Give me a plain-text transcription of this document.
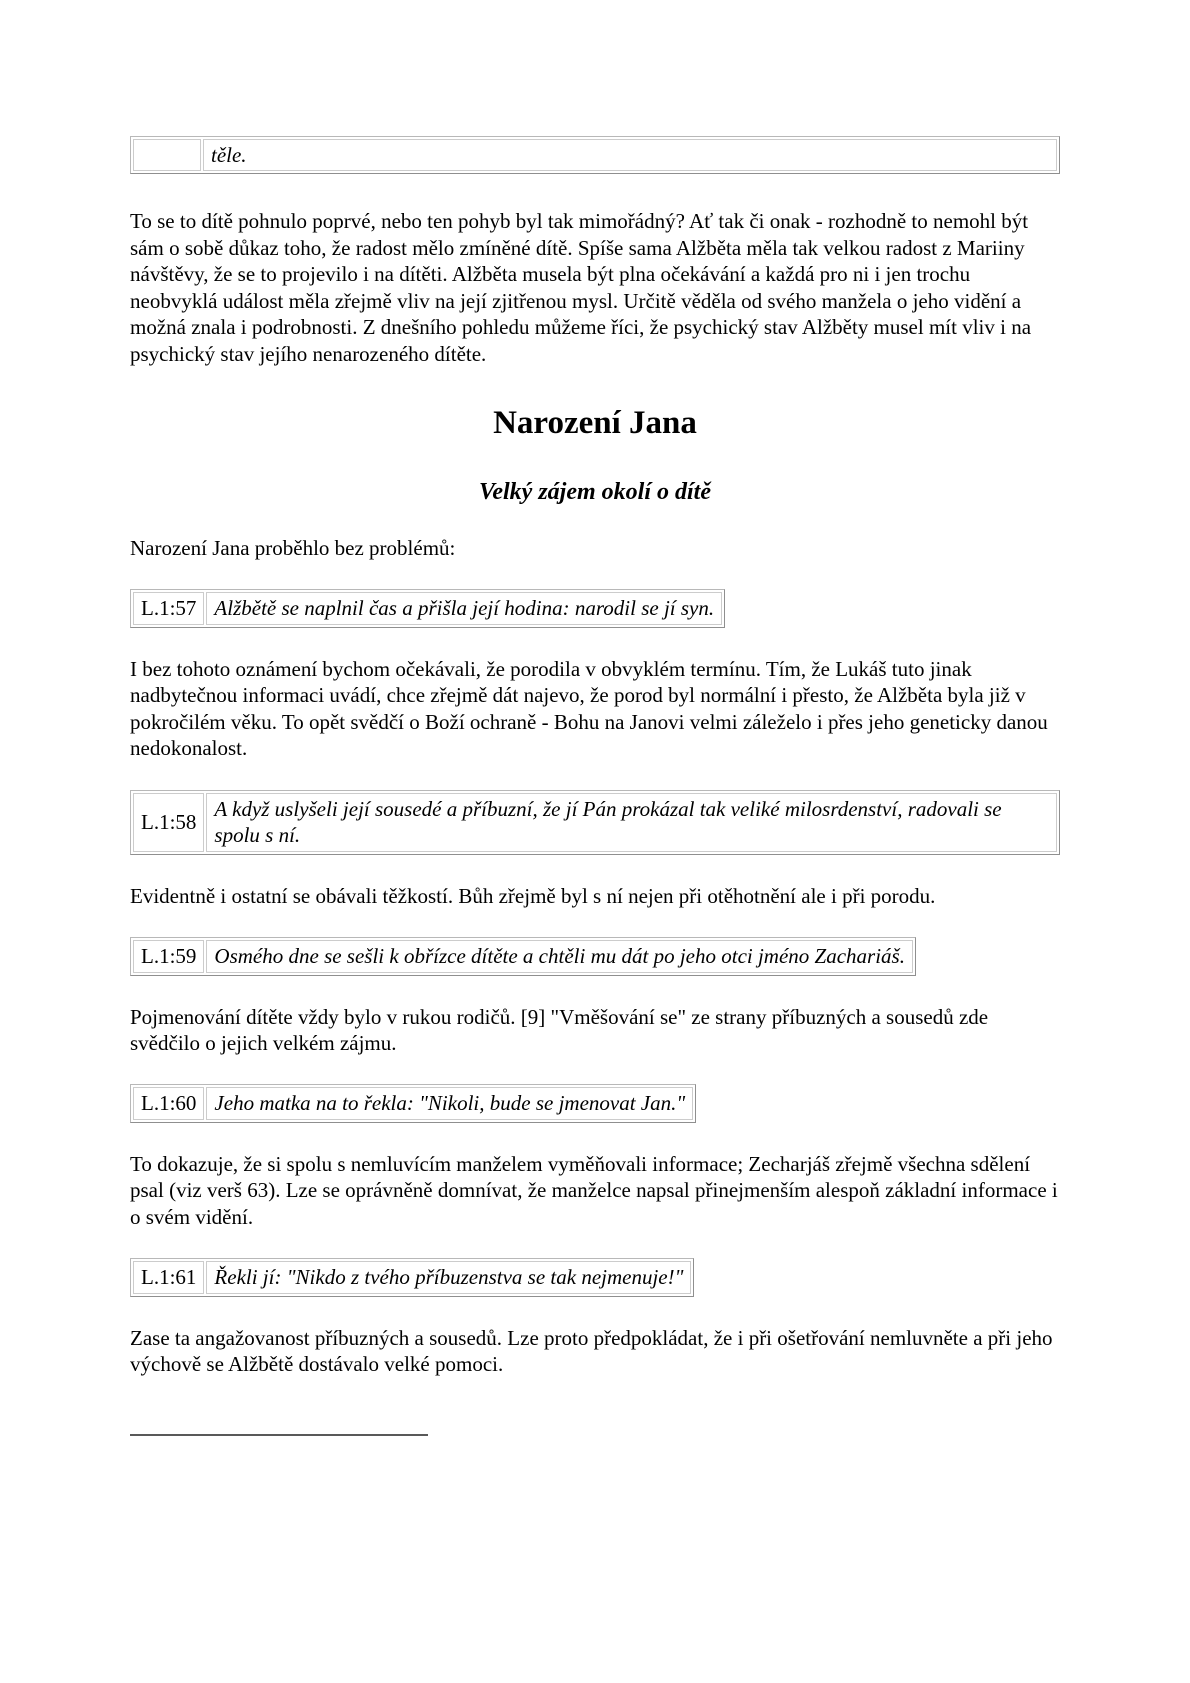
	těle.

To se to dítě pohnulo poprvé, nebo ten pohyb byl tak mimořádný? Ať tak či onak - rozhodně to nemohl být sám o sobě důkaz toho, že radost mělo zmíněné dítě. Spíše sama Alžběta měla tak velkou radost z Mariiny návštěvy, že se to projevilo i na dítěti. Alžběta musela být plna očekávání a každá pro ni i jen trochu neobvyklá událost měla zřejmě vliv na její zjitřenou mysl. Určitě věděla od svého manžela o jeho vidění a možná znala i podrobnosti. Z dnešního pohledu můžeme říci, že psychický stav Alžběty musel mít vliv i na psychický stav jejího nenarozeného dítěte.

Narození Jana
Velký zájem okolí o dítě

Narození Jana proběhlo bez problémů:

L.1:57	Alžbětě se naplnil čas a přišla její hodina: narodil se jí syn.

I bez tohoto oznámení bychom očekávali, že porodila v obvyklém termínu. Tím, že Lukáš tuto jinak nadbytečnou informaci uvádí, chce zřejmě dát najevo, že porod byl normální i přesto, že Alžběta byla již v pokročilém věku. To opět svědčí o Boží ochraně - Bohu na Janovi velmi záleželo i přes jeho geneticky danou nedokonalost.

L.1:58	A když uslyšeli její sousedé a příbuzní, že jí Pán prokázal tak veliké milosrdenství, radovali se spolu s ní.

Evidentně i ostatní se obávali těžkostí. Bůh zřejmě byl s ní nejen při otěhotnění ale i při porodu.

L.1:59	Osmého dne se sešli k obřízce dítěte a chtěli mu dát po jeho otci jméno Zachariáš.

Pojmenování dítěte vždy bylo v rukou rodičů. [9] "Vměšování se" ze strany příbuzných a sousedů zde svědčilo o jejich velkém zájmu.

L.1:60	Jeho matka na to řekla: "Nikoli, bude se jmenovat Jan."

To dokazuje, že si spolu s nemluvícím manželem vyměňovali informace; Zecharjáš zřejmě všechna sdělení psal (viz verš 63). Lze se oprávněně domnívat, že manželce napsal přinejmenším alespoň základní informace i o svém vidění.

L.1:61	Řekli jí: "Nikdo z tvého příbuzenstva se tak nejmenuje!"

Zase ta angažovanost příbuzných a sousedů. Lze proto předpokládat, že i při ošetřování nemluvněte a při jeho výchově se Alžbětě dostávalo velké pomoci.
